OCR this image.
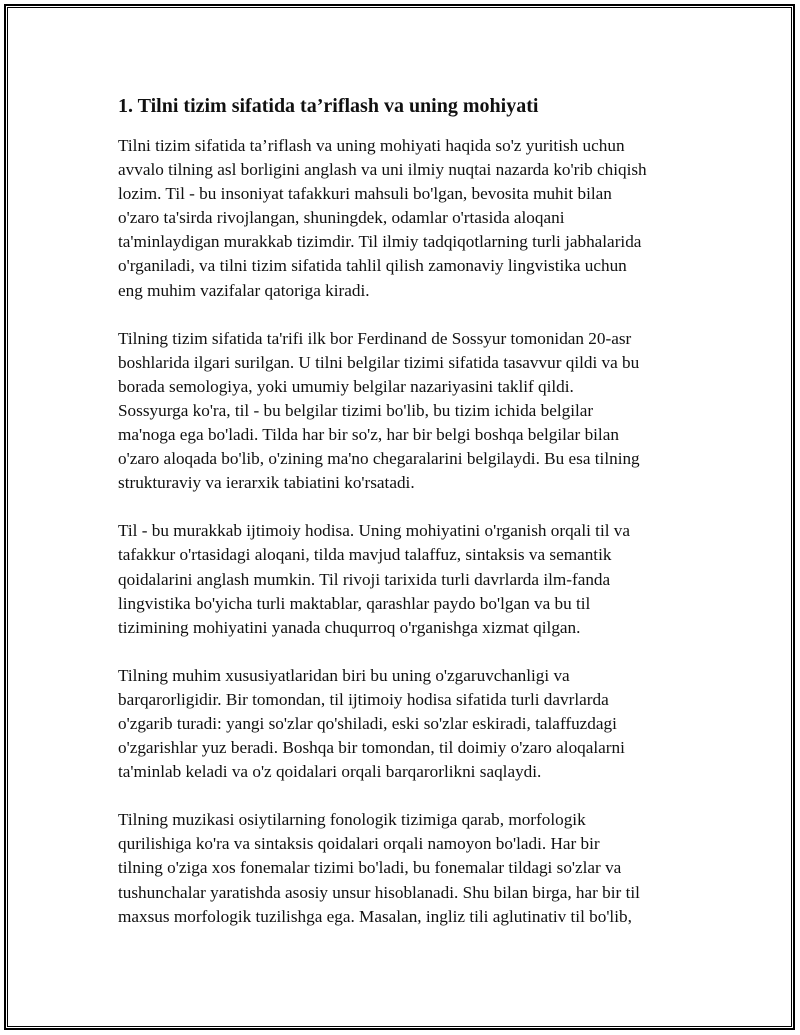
1. Tilni tizim sifatida ta’riflash va uning mohiyati

Tilni tizim sifatida ta’riflash va uning mohiyati haqida so'z yuritish uchun
avvalo tilning asl borligini anglash va uni ilmiy nuqtai nazarda ko'rib chiqish
lozim. Til - bu insoniyat tafakkuri mahsuli bo'lgan, bevosita muhit bilan
o'zaro ta'sirda rivojlangan, shuningdek, odamlar o'rtasida aloqani
ta'minlaydigan murakkab tizimdir. Til ilmiy tadqiqotlarning turli jabhalarida
o'rganiladi, va tilni tizim sifatida tahlil qilish zamonaviy lingvistika uchun
eng muhim vazifalar qatoriga kiradi.

Tilning tizim sifatida ta'rifi ilk bor Ferdinand de Sossyur tomonidan 20-asr
boshlarida ilgari surilgan. U tilni belgilar tizimi sifatida tasavvur qildi va bu
borada semologiya, yoki umumiy belgilar nazariyasini taklif qildi.
Sossyurga ko'ra, til - bu belgilar tizimi bo'lib, bu tizim ichida belgilar
ma'noga ega bo'ladi. Tilda har bir so'z, har bir belgi boshqa belgilar bilan
o'zaro aloqada bo'lib, o'zining ma'no chegaralarini belgilaydi. Bu esa tilning
strukturaviy va ierarxik tabiatini ko'rsatadi.

Til - bu murakkab ijtimoiy hodisa. Uning mohiyatini o'rganish orqali til va
tafakkur o'rtasidagi aloqani, tilda mavjud talaffuz, sintaksis va semantik
qoidalarini anglash mumkin. Til rivoji tarixida turli davrlarda ilm-fanda
lingvistika bo'yicha turli maktablar, qarashlar paydo bo'lgan va bu til
tizimining mohiyatini yanada chuqurroq o'rganishga xizmat qilgan.

Tilning muhim xususiyatlaridan biri bu uning o'zgaruvchanligi va
barqarorligidir. Bir tomondan, til ijtimoiy hodisa sifatida turli davrlarda
o'zgarib turadi: yangi so'zlar qo'shiladi, eski so'zlar eskiradi, talaffuzdagi
o'zgarishlar yuz beradi. Boshqa bir tomondan, til doimiy o'zaro aloqalarni
ta'minlab keladi va o'z qoidalari orqali barqarorlikni saqlaydi.

Tilning muzikasi osiytilarning fonologik tizimiga qarab, morfologik
qurilishiga ko'ra va sintaksis qoidalari orqali namoyon bo'ladi. Har bir
tilning o'ziga xos fonemalar tizimi bo'ladi, bu fonemalar tildagi so'zlar va
tushunchalar yaratishda asosiy unsur hisoblanadi. Shu bilan birga, har bir til
maxsus morfologik tuzilishga ega. Masalan, ingliz tili aglutinativ til bo'lib,
